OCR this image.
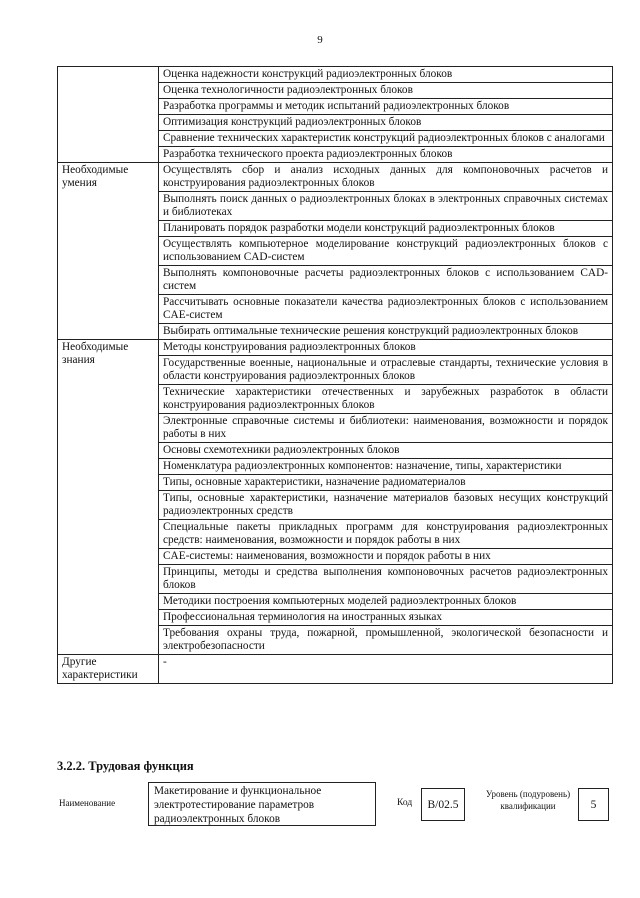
9
	Оценка надежности конструкций радиоэлектронных блоков
	Оценка технологичности радиоэлектронных блоков
	Разработка программы и методик испытаний радиоэлектронных блоков
	Оптимизация конструкций радиоэлектронных блоков
	Сравнение технических характеристик конструкций радиоэлектронных блоков с аналогами
	Разработка технического проекта радиоэлектронных блоков
Необходимые умения	Осуществлять сбор и анализ исходных данных для компоновочных расчетов и конструирования радиоэлектронных блоков
	Выполнять поиск данных о радиоэлектронных блоках в электронных справочных системах и библиотеках
	Планировать порядок разработки модели конструкций радиоэлектронных блоков
	Осуществлять компьютерное моделирование конструкций радиоэлектронных блоков с использованием CAD-систем
	Выполнять компоновочные расчеты радиоэлектронных блоков с использованием CAD-систем
	Рассчитывать основные показатели качества радиоэлектронных блоков с использованием CAE-систем
	Выбирать оптимальные технические решения конструкций радиоэлектронных блоков
Необходимые знания	Методы конструирования радиоэлектронных блоков
	Государственные военные, национальные и отраслевые стандарты, технические условия в области конструирования радиоэлектронных блоков
	Технические характеристики отечественных и зарубежных разработок в области конструирования радиоэлектронных блоков
	Электронные справочные системы и библиотеки: наименования, возможности и порядок работы в них
	Основы схемотехники радиоэлектронных блоков
	Номенклатура радиоэлектронных компонентов: назначение, типы, характеристики
	Типы, основные характеристики, назначение радиоматериалов
	Типы, основные характеристики, назначение материалов базовых несущих конструкций радиоэлектронных средств
	Специальные пакеты прикладных программ для конструирования радиоэлектронных средств: наименования, возможности и порядок работы в них
	CAE-системы: наименования, возможности и порядок работы в них
	Принципы, методы и средства выполнения компоновочных расчетов радиоэлектронных блоков
	Методики построения компьютерных моделей радиоэлектронных блоков
	Профессиональная терминология на иностранных языках
	Требования охраны труда, пожарной, промышленной, экологической безопасности и электробезопасности
Другие характеристики	-
3.2.2. Трудовая функция
Наименование
Макетирование и функциональное электротестирование параметров радиоэлектронных блоков
Код	B/02.5
Уровень (подуровень) квалификации	5
